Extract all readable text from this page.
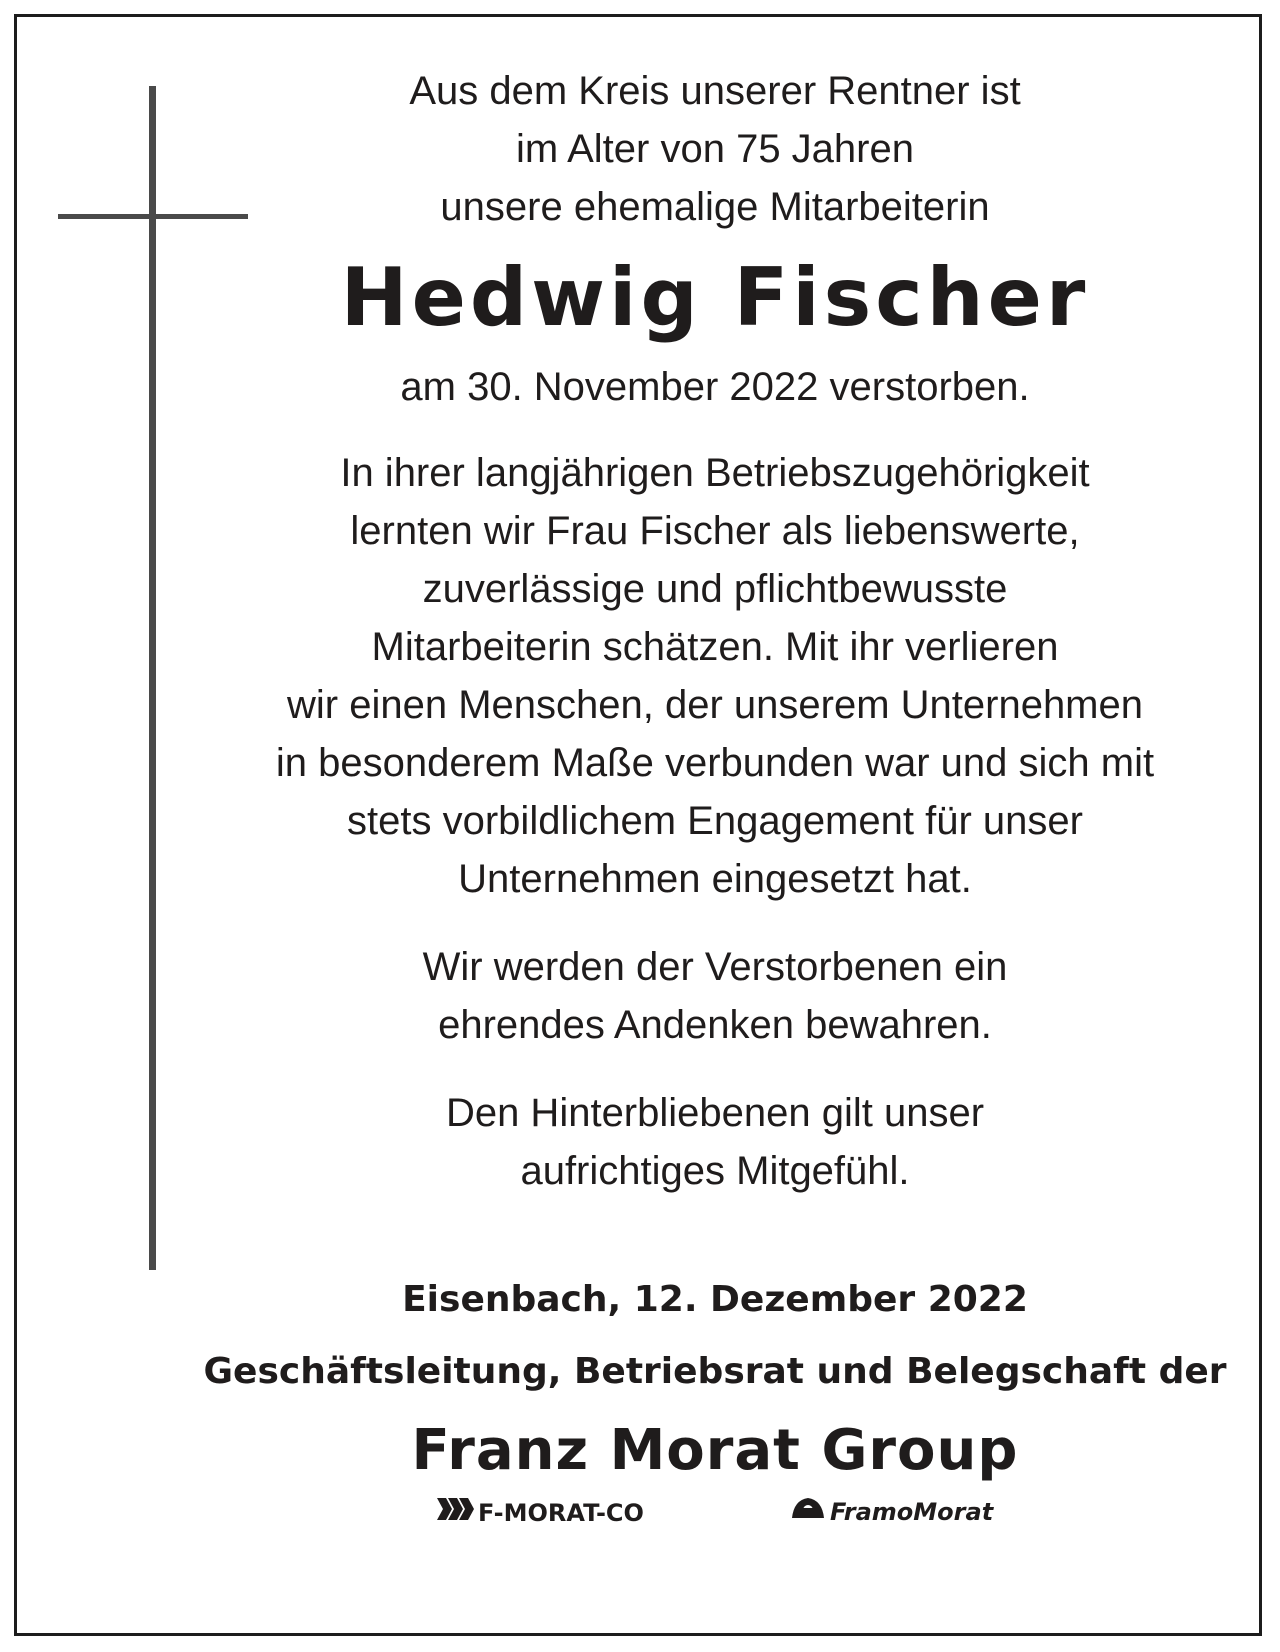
Aus dem Kreis unserer Rentner ist
im Alter von 75 Jahren
unsere ehemalige Mitarbeiterin
Hedwig Fischer
am 30. November 2022 verstorben.
In ihrer langjährigen Betriebszugehörigkeit
lernten wir Frau Fischer als liebenswerte,
zuverlässige und pflichtbewusste
Mitarbeiterin schätzen. Mit ihr verlieren
wir einen Menschen, der unserem Unternehmen
in besonderem Maße verbunden war und sich mit
stets vorbildlichem Engagement für unser
Unternehmen eingesetzt hat.
Wir werden der Verstorbenen ein
ehrendes Andenken bewahren.
Den Hinterbliebenen gilt unser
aufrichtiges Mitgefühl.
Eisenbach, 12. Dezember 2022
Geschäftsleitung, Betriebsrat und Belegschaft der
Franz Morat Group
F-MORAT-CO	FramoMorat
